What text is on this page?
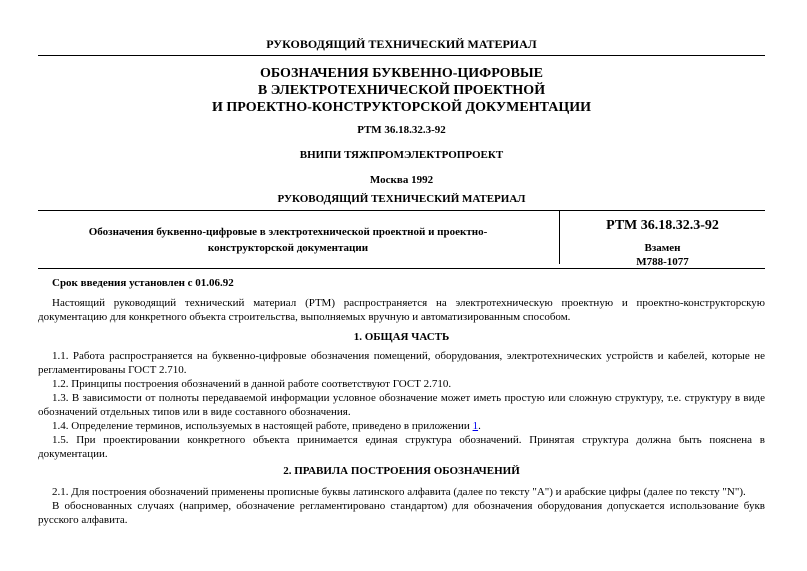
РУКОВОДЯЩИЙ ТЕХНИЧЕСКИЙ МАТЕРИАЛ
ОБОЗНАЧЕНИЯ БУКВЕННО-ЦИФРОВЫЕ
В ЭЛЕКТРОТЕХНИЧЕСКОЙ ПРОЕКТНОЙ
И ПРОЕКТНО-КОНСТРУКТОРСКОЙ ДОКУМЕНТАЦИИ
РТМ 36.18.32.3-92
ВНИПИ ТЯЖПРОМЭЛЕКТРОПРОЕКТ
Москва 1992
РУКОВОДЯЩИЙ ТЕХНИЧЕСКИЙ МАТЕРИАЛ
Обозначения буквенно-цифровые в электротехнической проектной и проектно-
конструкторской документации
РТМ 36.18.32.3-92
Взамен
М788-1077
Срок введения установлен с 01.06.92
Настоящий руководящий технический материал (РТМ) распространяется на электротехническую проектную и проектно-конструкторскую документацию для конкретного объекта строительства, выполняемых вручную и автоматизированным способом.
1. ОБЩАЯ ЧАСТЬ
1.1. Работа распространяется на буквенно-цифровые обозначения помещений, оборудования, электротехнических устройств и кабелей, которые не регламентированы ГОСТ 2.710.
1.2. Принципы построения обозначений в данной работе соответствуют ГОСТ 2.710.
1.3. В зависимости от полноты передаваемой информации условное обозначение может иметь простую или сложную структуру, т.е. структуру в виде обозначений отдельных типов или в виде составного обозначения.
1.4. Определение терминов, используемых в настоящей работе, приведено в приложении 1.
1.5. При проектировании конкретного объекта принимается единая структура обозначений. Принятая структура должна быть пояснена в документации.
2. ПРАВИЛА ПОСТРОЕНИЯ ОБОЗНАЧЕНИЙ
2.1. Для построения обозначений применены прописные буквы латинского алфавита (далее по тексту "A") и арабские цифры (далее по тексту "N").
В обоснованных случаях (например, обозначение регламентировано стандартом) для обозначения оборудования допускается использование букв русского алфавита.
